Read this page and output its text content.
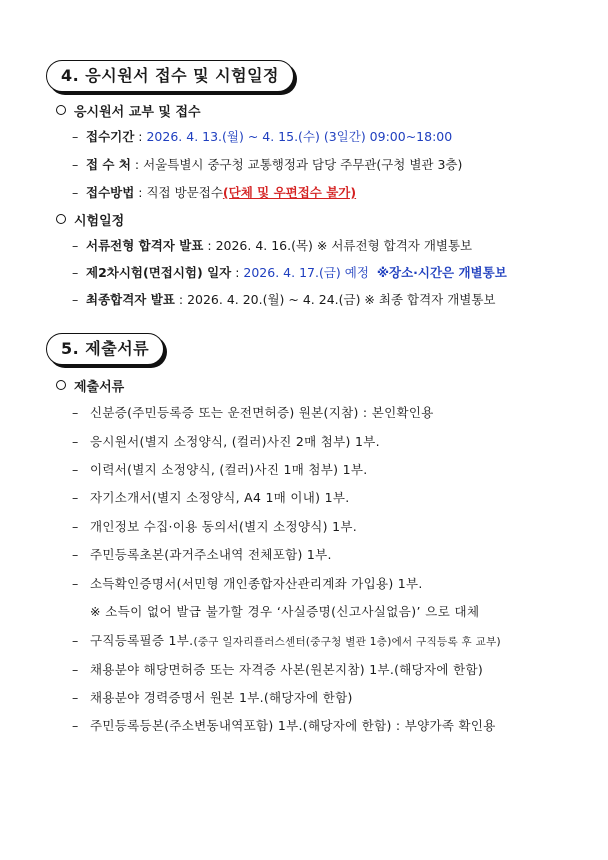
4. 응시원서 접수 및 시험일정
응시원서 교부 및 접수
– 접수기간 : 2026. 4. 13.(월) ~ 4. 15.(수) (3일간) 09:00~18:00
– 접 수 처 : 서울특별시 중구청 교통행정과 담당 주무관(구청 별관 3층)
– 접수방법 : 직접 방문접수(단체 및 우편접수 불가)
시험일정
– 서류전형 합격자 발표 : 2026. 4. 16.(목) ※ 서류전형 합격자 개별통보
– 제2차시험(면접시험) 일자 : 2026. 4. 17.(금) 예정 ※장소·시간은 개별통보
– 최종합격자 발표 : 2026. 4. 20.(월) ~ 4. 24.(금) ※ 최종 합격자 개별통보
5. 제출서류
제출서류
– 신분증(주민등록증 또는 운전면허증) 원본(지참) : 본인확인용
– 응시원서(별지 소정양식, (컬러)사진 2매 첨부) 1부.
– 이력서(별지 소정양식, (컬러)사진 1매 첨부) 1부.
– 자기소개서(별지 소정양식, A4 1매 이내) 1부.
– 개인정보 수집·이용 동의서(별지 소정양식) 1부.
– 주민등록초본(과거주소내역 전체포함) 1부.
– 소득확인증명서(서민형 개인종합자산관리계좌 가입용) 1부.
※ 소득이 없어 발급 불가할 경우 ‘사실증명(신고사실없음)’ 으로 대체
– 구직등록필증 1부.(중구 일자리플러스센터(중구청 별관 1층)에서 구직등록 후 교부)
– 채용분야 해당면허증 또는 자격증 사본(원본지참) 1부.(해당자에 한함)
– 채용분야 경력증명서 원본 1부.(해당자에 한함)
– 주민등록등본(주소변동내역포함) 1부.(해당자에 한함) : 부양가족 확인용
